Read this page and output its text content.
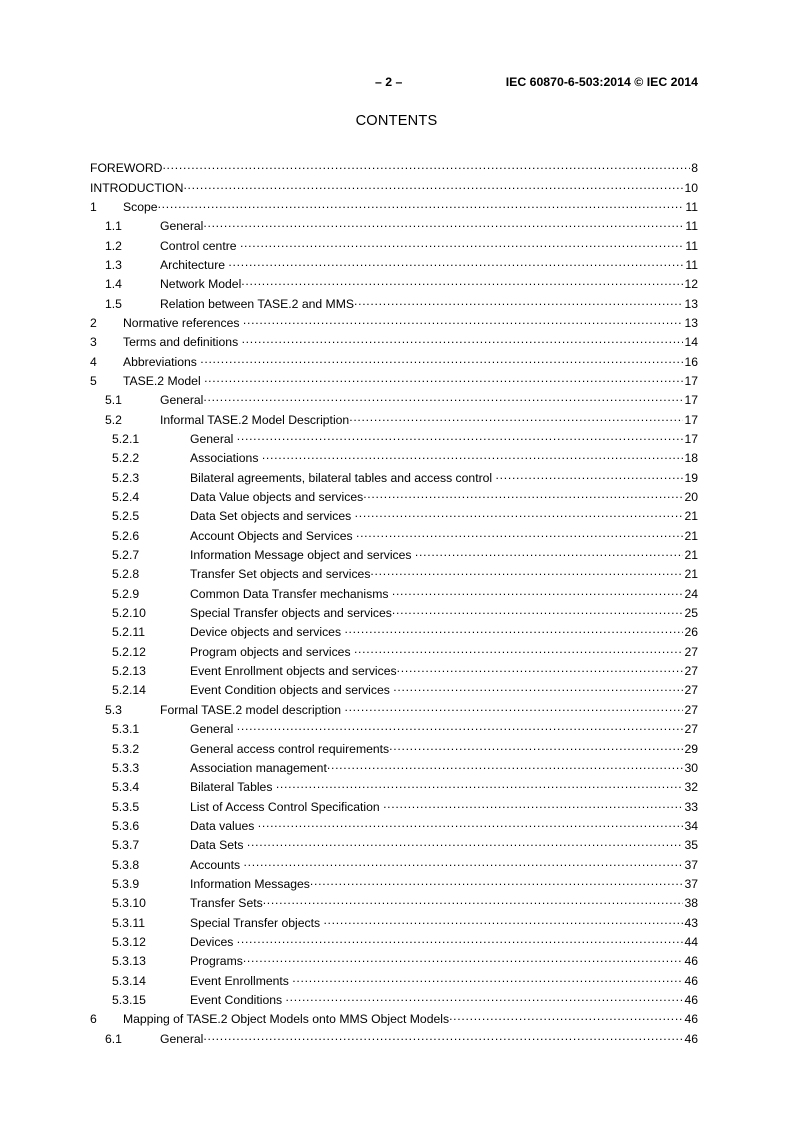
– 2 –	IEC 60870-6-503:2014 © IEC 2014
CONTENTS
FOREWORD .....	8
INTRODUCTION .....	10
1	Scope .....	11
1.1	General .....	11
1.2	Control centre .....	11
1.3	Architecture .....	11
1.4	Network Model .....	12
1.5	Relation between TASE.2 and MMS .....	13
2	Normative references .....	13
3	Terms and definitions .....	14
4	Abbreviations .....	16
5	TASE.2 Model .....	17
5.1	General .....	17
5.2	Informal TASE.2 Model Description .....	17
5.2.1	General .....	17
5.2.2	Associations .....	18
5.2.3	Bilateral agreements, bilateral tables and access control .....	19
5.2.4	Data Value objects and services .....	20
5.2.5	Data Set objects and services .....	21
5.2.6	Account Objects and Services .....	21
5.2.7	Information Message object and services .....	21
5.2.8	Transfer Set objects and services .....	21
5.2.9	Common Data Transfer mechanisms .....	24
5.2.10	Special Transfer objects and services .....	25
5.2.11	Device objects and services .....	26
5.2.12	Program objects and services .....	27
5.2.13	Event Enrollment objects and services .....	27
5.2.14	Event Condition objects and services .....	27
5.3	Formal TASE.2 model description .....	27
5.3.1	General .....	27
5.3.2	General access control requirements .....	29
5.3.3	Association management .....	30
5.3.4	Bilateral Tables .....	32
5.3.5	List of Access Control Specification .....	33
5.3.6	Data values .....	34
5.3.7	Data Sets .....	35
5.3.8	Accounts .....	37
5.3.9	Information Messages .....	37
5.3.10	Transfer Sets .....	38
5.3.11	Special Transfer objects .....	43
5.3.12	Devices .....	44
5.3.13	Programs .....	46
5.3.14	Event Enrollments .....	46
5.3.15	Event Conditions .....	46
6	Mapping of TASE.2 Object Models onto MMS Object Models .....	46
6.1	General .....	46
